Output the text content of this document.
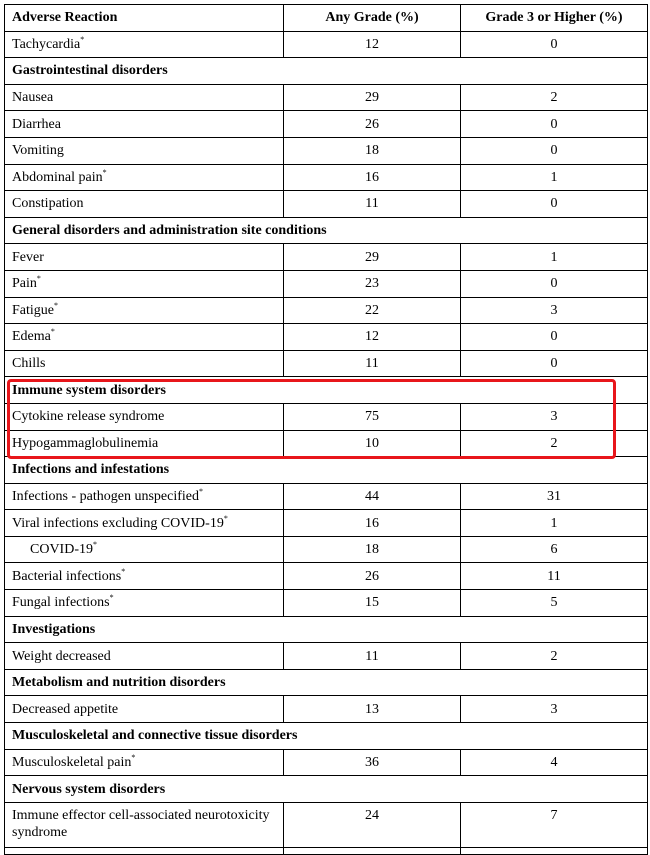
Adverse Reaction	Any Grade (%)	Grade 3 or Higher (%)
Tachycardia*	12	0
Gastrointestinal disorders		
Nausea	29	2
Diarrhea	26	0
Vomiting	18	0
Abdominal pain*	16	1
Constipation	11	0
General disorders and administration site conditions		
Fever	29	1
Pain*	23	0
Fatigue*	22	3
Edema*	12	0
Chills	11	0
Immune system disorders		
Cytokine release syndrome	75	3
Hypogammaglobulinemia	10	2
Infections and infestations		
Infections - pathogen unspecified*	44	31
Viral infections excluding COVID-19*	16	1
COVID-19*	18	6
Bacterial infections*	26	11
Fungal infections*	15	5
Investigations		
Weight decreased	11	2
Metabolism and nutrition disorders		
Decreased appetite	13	3
Musculoskeletal and connective tissue disorders		
Musculoskeletal pain*	36	4
Nervous system disorders		
Immune effector cell-associated neurotoxicity syndrome	24	7
